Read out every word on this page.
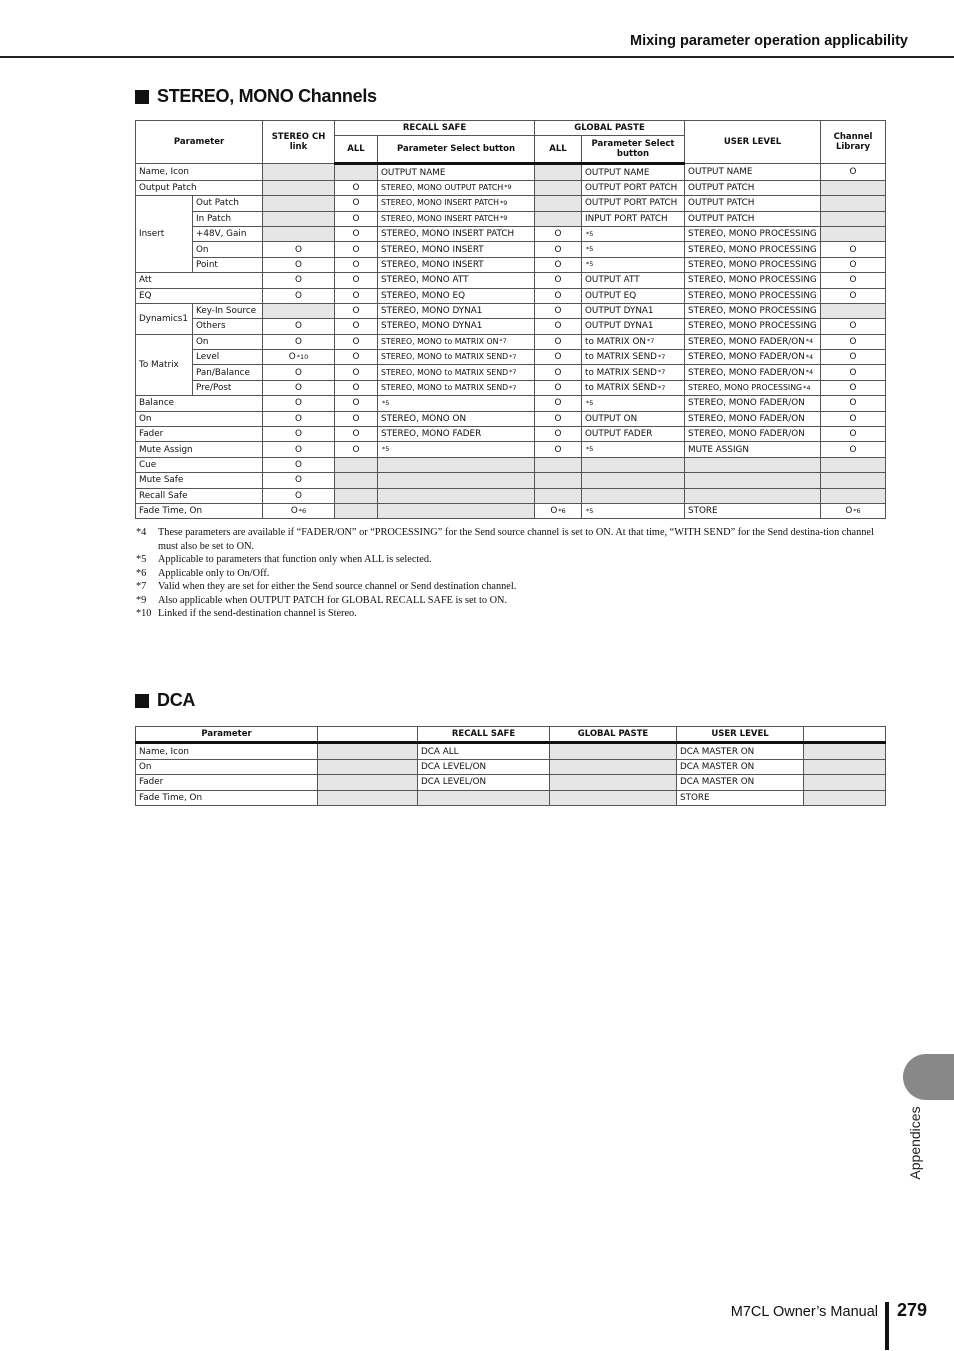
Mixing parameter operation applicability
STEREO, MONO Channels
Parameter		STEREO CH link	RECALL SAFE		GLOBAL PASTE		USER LEVEL	Channel Library
			ALL	Parameter Select button	ALL	Parameter Select button		
Name, Icon				OUTPUT NAME		OUTPUT NAME	OUTPUT NAME	O
Output Patch			O	STEREO, MONO OUTPUT PATCH$^{*9}$		OUTPUT PORT PATCH	OUTPUT PATCH	
Insert	Out Patch		O	STEREO, MONO INSERT PATCH$^{*9}$		OUTPUT PORT PATCH	OUTPUT PATCH	
	In Patch		O	STEREO, MONO INSERT PATCH$^{*9}$		INPUT PORT PATCH	OUTPUT PATCH	
	+48V, Gain		O	STEREO, MONO INSERT PATCH	O	$^{*5}$	STEREO, MONO PROCESSING	
	On	O	O	STEREO, MONO INSERT	O	$^{*5}$	STEREO, MONO PROCESSING	O
	Point	O	O	STEREO, MONO INSERT	O	$^{*5}$	STEREO, MONO PROCESSING	O
Att		O	O	STEREO, MONO ATT	O	OUTPUT ATT	STEREO, MONO PROCESSING	O
EQ		O	O	STEREO, MONO EQ	O	OUTPUT EQ	STEREO, MONO PROCESSING	O
Dynamics1	Key-In Source		O	STEREO, MONO DYNA1	O	OUTPUT DYNA1	STEREO, MONO PROCESSING	
	Others	O	O	STEREO, MONO DYNA1	O	OUTPUT DYNA1	STEREO, MONO PROCESSING	O
To Matrix	On	O	O	STEREO, MONO to MATRIX ON$^{*7}$	O	to MATRIX ON$^{*7}$	STEREO, MONO FADER/ON$^{*4}$	O
	Level	$O^{*10}$	O	STEREO, MONO to MATRIX SEND$^{*7}$	O	to MATRIX SEND$^{*7}$	STEREO, MONO FADER/ON$^{*4}$	O
	Pan/Balance	O	O	STEREO, MONO to MATRIX SEND$^{*7}$	O	to MATRIX SEND$^{*7}$	STEREO, MONO FADER/ON$^{*4}$	O
	Pre/Post	O	O	STEREO, MONO to MATRIX SEND$^{*7}$	O	to MATRIX SEND$^{*7}$	STEREO, MONO PROCESSING$^{*4}$	O
Balance		O	O	$^{*5}$	O	$^{*5}$	STEREO, MONO FADER/ON	O
On		O	O	STEREO, MONO ON	O	OUTPUT ON	STEREO, MONO FADER/ON	O
Fader		O	O	STEREO, MONO FADER	O	OUTPUT FADER	STEREO, MONO FADER/ON	O
Mute Assign		O	O	$^{*5}$	O	$^{*5}$	MUTE ASSIGN	O
Cue		O						
Mute Safe		O						
Recall Safe		O						
Fade Time, On		$O^{*6}$			$O^{*6}$	$^{*5}$	STORE	$O^{*6}$
*4	These parameters are available if “FADER/ON” or “PROCESSING” for the Send source channel is set to ON. At that time, “WITH SEND” for the Send destina-tion channel must also be set to ON.
*5	Applicable to parameters that function only when ALL is selected.
*6	Applicable only to On/Off.
*7	Valid when they are set for either the Send source channel or Send destination channel.
*9	Also applicable when OUTPUT PATCH for GLOBAL RECALL SAFE is set to ON.
*10 Linked if the send-destination channel is Stereo.
DCA
Parameter		RECALL SAFE	GLOBAL PASTE	USER LEVEL	
Name, Icon		DCA ALL		DCA MASTER ON	
On		DCA LEVEL/ON		DCA MASTER ON	
Fader		DCA LEVEL/ON		DCA MASTER ON	
Fade Time, On				STORE	
Appendices
M7CL Owner’s Manual 279
